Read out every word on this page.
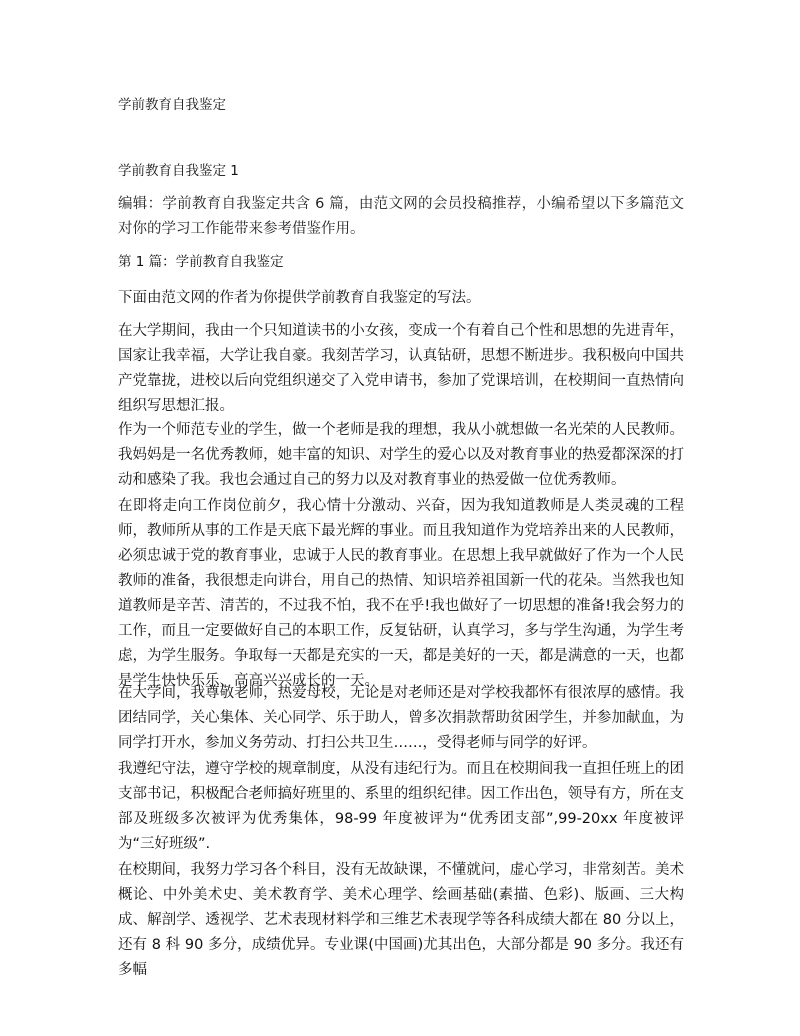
学前教育自我鉴定
学前教育自我鉴定 1
编辑：学前教育自我鉴定共含 6 篇，由范文网的会员投稿推荐，小编希望以下多篇范文对你的学习工作能带来参考借鉴作用。
第 1 篇：学前教育自我鉴定
下面由范文网的作者为你提供学前教育自我鉴定的写法。
在大学期间，我由一个只知道读书的小女孩，变成一个有着自己个性和思想的先进青年，国家让我幸福，大学让我自豪。我刻苦学习，认真钻研，思想不断进步。我积极向中国共产党靠拢，进校以后向党组织递交了入党申请书，参加了党课培训，在校期间一直热情向组织写思想汇报。
作为一个师范专业的学生，做一个老师是我的理想，我从小就想做一名光荣的人民教师。我妈妈是一名优秀教师，她丰富的知识、对学生的爱心以及对教育事业的热爱都深深的打动和感染了我。我也会通过自己的努力以及对教育事业的热爱做一位优秀教师。
在即将走向工作岗位前夕，我心情十分激动、兴奋，因为我知道教师是人类灵魂的工程师，教师所从事的工作是天底下最光辉的事业。而且我知道作为党培养出来的人民教师，必须忠诚于党的教育事业，忠诚于人民的教育事业。在思想上我早就做好了作为一个人民教师的准备，我很想走向讲台，用自己的热情、知识培养祖国新一代的花朵。当然我也知道教师是辛苦、清苦的，不过我不怕，我不在乎!我也做好了一切思想的准备!我会努力的工作，而且一定要做好自己的本职工作，反复钻研，认真学习，多与学生沟通，为学生考虑，为学生服务。争取每一天都是充实的一天，都是美好的一天，都是满意的一天，也都是学生快快乐乐、高高兴兴成长的一天。
在大学间，我尊敬老师，热爱母校，无论是对老师还是对学校我都怀有很浓厚的感情。我团结同学，关心集体、关心同学、乐于助人，曾多次捐款帮助贫困学生，并参加献血，为同学打开水，参加义务劳动、打扫公共卫生……，受得老师与同学的好评。
我遵纪守法，遵守学校的规章制度，从没有违纪行为。而且在校期间我一直担任班上的团支部书记，积极配合老师搞好班里的、系里的组织纪律。因工作出色，领导有方，所在支部及班级多次被评为优秀集体，98-99 年度被评为“优秀团支部”,99-20xx 年度被评为“三好班级”.
在校期间，我努力学习各个科目，没有无故缺课，不懂就问，虚心学习，非常刻苦。美术概论、中外美术史、美术教育学、美术心理学、绘画基础(素描、色彩)、版画、三大构成、解剖学、透视学、艺术表现材料学和三维艺术表现学等各科成绩大都在 80 分以上，还有 8 科 90 多分，成绩优异。专业课(中国画)尤其出色，大部分都是 90 多分。我还有多幅
